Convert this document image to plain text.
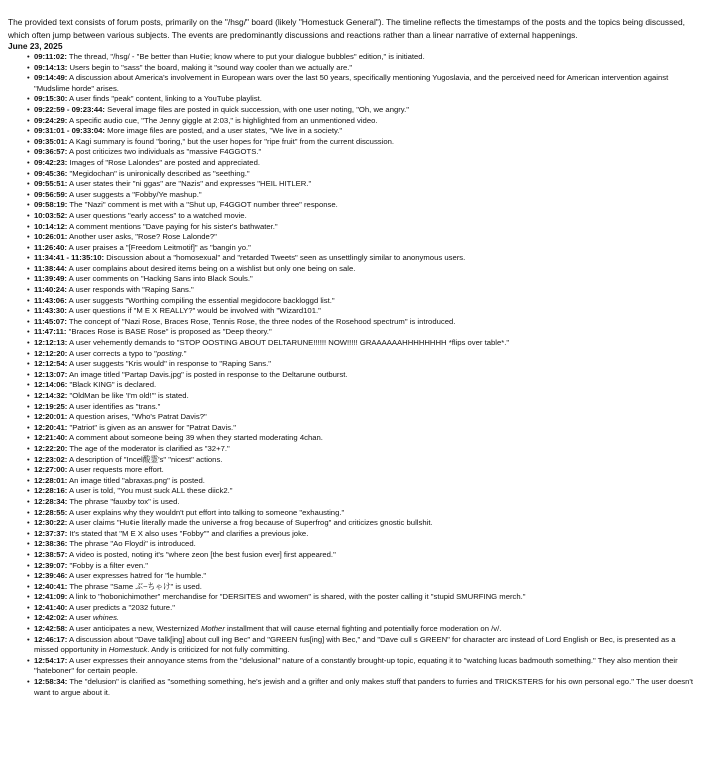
The provided text consists of forum posts, primarily on the "/hsg/" board (likely "Homestuck General"). The timeline reflects the timestamps of the posts and the topics being discussed, which often jump between various subjects. The events are predominantly discussions and reactions rather than a linear narrative of external happenings.

June 23, 2025

• 09:11:02: The thread, "/hsg/ - "Be better than Hu¢ie; know where to put your dialogue bubbles" edition," is initiated.
• 09:14:13: Users begin to "sass" the board, making it "sound way cooler than we actually are."
• 09:14:49: A discussion about America's involvement in European wars over the last 50 years, specifically mentioning Yugoslavia, and the perceived need for American intervention against "Mudslime horde" arises.
• 09:15:30: A user finds "peak" content, linking to a YouTube playlist.
• 09:22:59 - 09:23:44: Several image files are posted in quick succession, with one user noting, "Oh, we angry."
• 09:24:29: A specific audio cue, "The Jenny giggle at 2:03," is highlighted from an unmentioned video.
• 09:31:01 - 09:33:04: More image files are posted, and a user states, "We live in a society."
• 09:35:01: A Kagi summary is found "boring," but the user hopes for "ripe fruit" from the current discussion.
• 09:36:57: A post criticizes two individuals as "massive F4GGOTS."
• 09:42:23: Images of "Rose Lalondes" are posted and appreciated.
• 09:45:36: "Megidochan" is unironically described as "seething."
• 09:55:51: A user states their "ni ggas" are "Nazis" and expresses "HEIL HITLER."
• 09:56:59: A user suggests a "Fobby/Ye mashup."
• 09:58:19: The "Nazi" comment is met with a "Shut up, F4GGOT number three" response.
• 10:03:52: A user questions "early access" to a watched movie.
• 10:14:12: A comment mentions "Dave paying for his sister's bathwater."
• 10:26:01: Another user asks, "Rose? Rose Lalonde?"
• 11:26:40: A user praises a "[Freedom Leitmotif]" as "bangin yo."
• 11:34:41 - 11:35:10: Discussion about a "homosexual" and "retarded Tweets" seen as unsettlingly similar to anonymous users.
• 11:38:44: A user complains about desired items being on a wishlist but only one being on sale.
• 11:39:49: A user comments on "Hacking Sans into Black Souls."
• 11:40:24: A user responds with "Raping Sans."
• 11:43:06: A user suggests "Worthing compiling the essential megidocore backloggd list."
• 11:43:30: A user questions if "M E X REALLY?" would be involved with "Wizard101."
• 11:45:07: The concept of "Nazi Rose, Braces Rose, Tennis Rose, the three nodes of the Rosehood spectrum" is introduced.
• 11:47:11: "Braces Rose is BASE Rose" is proposed as "Deep theory."
• 12:12:13: A user vehemently demands to "STOP OOSTING ABOUT DELTARUNE!!!!!! NOW!!!!! GRAAAAAAHHHHHHHH *flips over table*."
• 12:12:20: A user corrects a typo to "posting."
• 12:12:54: A user suggests "Kris would" in response to "Raping Sans."
• 12:13:07: An image titled "Partap Davis.jpg" is posted in response to the Deltarune outburst.
• 12:14:06: "Black KING" is declared.
• 12:14:32: "OldMan be like 'I'm old!'" is stated.
• 12:19:25: A user identifies as "trans."
• 12:20:01: A question arises, "Who's Patrat Davis?"
• 12:20:41: "Patriot" is given as an answer for "Patrat Davis."
• 12:21:40: A comment about someone being 39 when they started moderating 4chan.
• 12:22:20: The age of the moderator is clarified as "32+7."
• 12:23:02: A description of "Incel酸霊's" "nicest" actions.
• 12:27:00: A user requests more effort.
• 12:28:01: An image titled "abraxas.png" is posted.
• 12:28:16: A user is told, "You must suck ALL these diick2."
• 12:28:34: The phrase "fauxby tox" is used.
• 12:28:55: A user explains why they wouldn't put effort into talking to someone "exhausting."
• 12:30:22: A user claims "Hu¢ie literally made the universe a frog because of Superfrog" and criticizes gnostic bullshit.
• 12:37:37: It's stated that "M E X also uses "Fobby"" and clarifies a previous joke.
• 12:38:36: The phrase "Ao Floydi" is introduced.
• 12:38:57: A video is posted, noting it's "where zeon [the best fusion ever] first appeared."
• 12:39:07: "Fobby is a filter even."
• 12:39:46: A user expresses hatred for "le humble."
• 12:40:41: The phrase "Same ぶ~ちゃけ" is used.
• 12:41:09: A link to "hobonichimother" merchandise for "DERSITES and wwomen" is shared, with the poster calling it "stupid SMURFING merch."
• 12:41:40: A user predicts a "2032 future."
• 12:42:02: A user whines.
• 12:42:58: A user anticipates a new, Westernized Mother installment that will cause eternal fighting and potentially force moderation on /v/.
• 12:46:17: A discussion about "Dave talk[ing] about cull ing Bec" and "GREEN fus[ing] with Bec," and "Dave cull s GREEN" for character arc instead of Lord English or Bec, is presented as a missed opportunity in Homestuck. Andy is criticized for not fully committing.
• 12:54:17: A user expresses their annoyance stems from the "delusional" nature of a constantly brought-up topic, equating it to "watching lucas badmouth something." They also mention their "hateboner" for certain people.
• 12:58:34: The "delusion" is clarified as "something something, he's jewish and a grifter and only makes stuff that panders to furries and TRICKSTERS for his own personal ego." The user doesn't want to argue about it.
